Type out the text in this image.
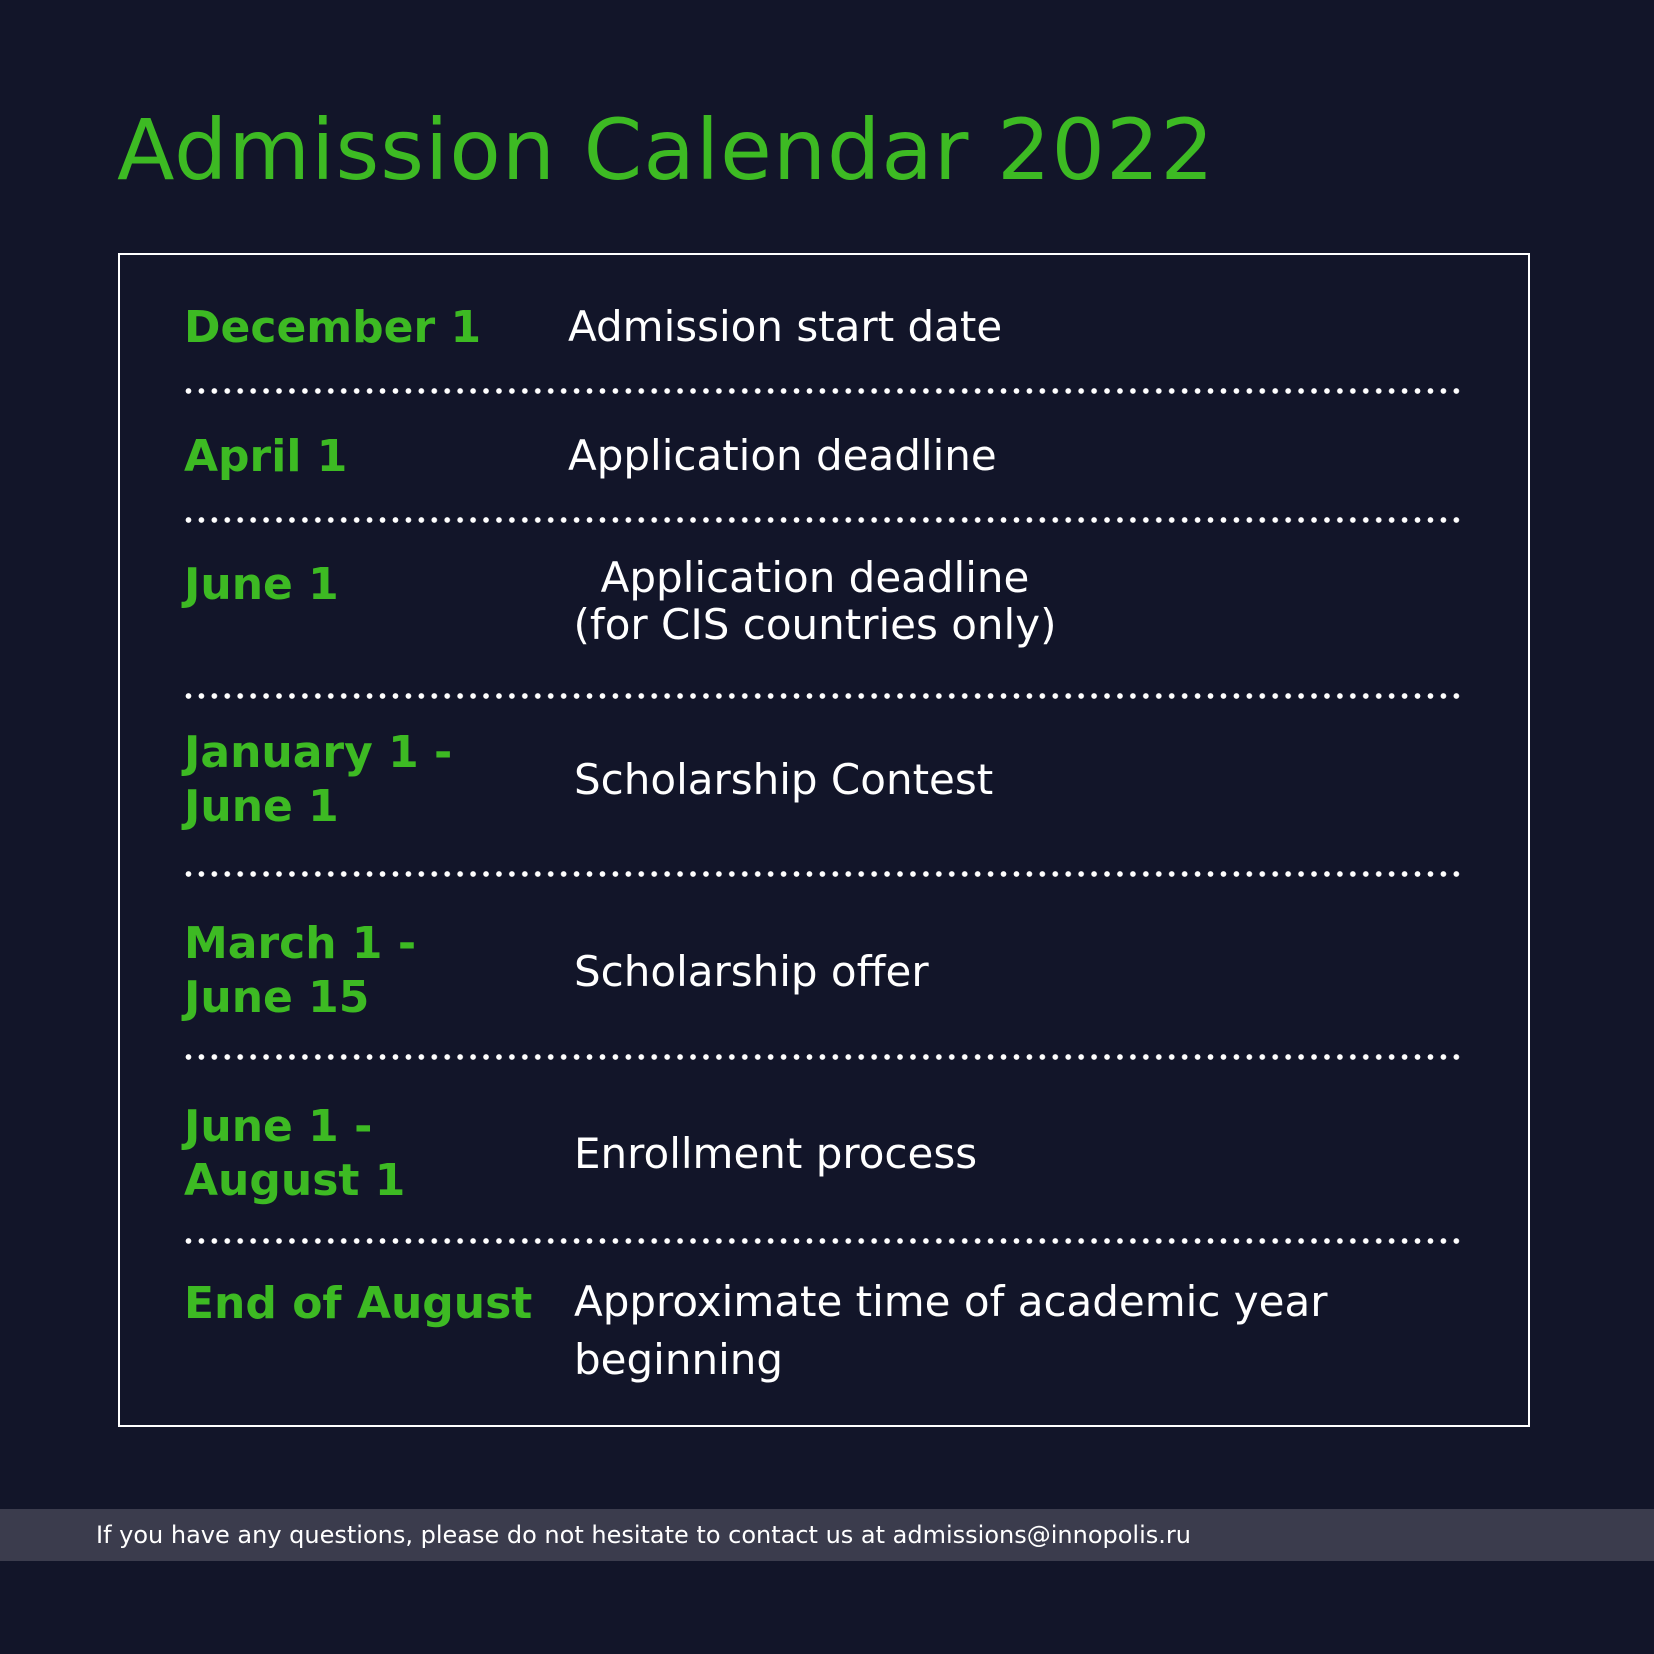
Admission Calendar 2022
December 1 Admission start date
April 1	Application deadline
June 1	Application deadline
(for CIS countries only)
January 1 -
June 1
Scholarship Contest
March 1 -
June 15
Scholarship offer
June 1 -
August 1
Enrollment process
End of August Approximate time of academic year
beginning
If you have any questions, please do not hesitate to contact us at admissions@innopolis.ru
